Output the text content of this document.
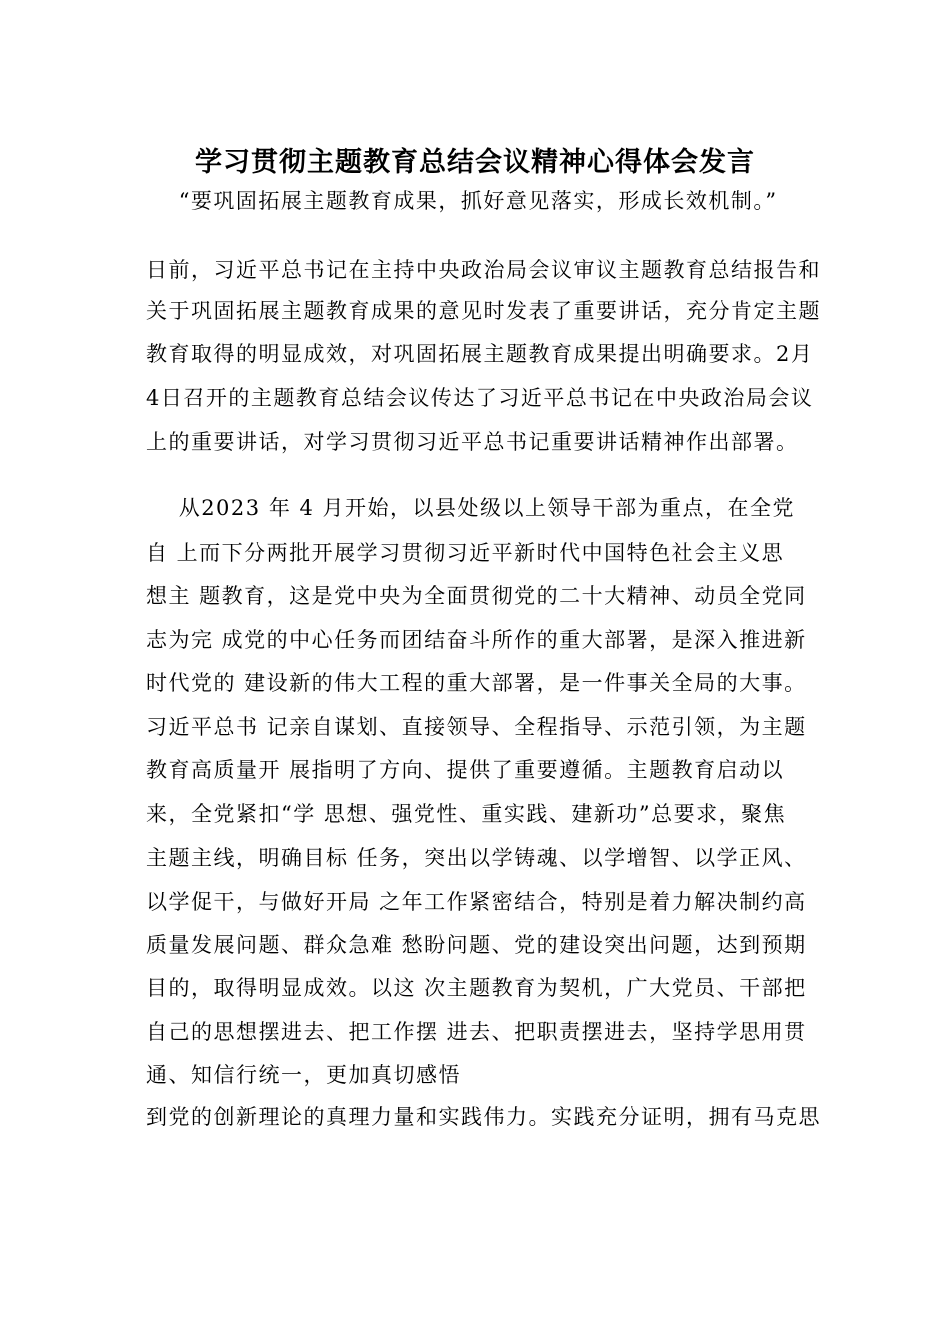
学习贯彻主题教育总结会议精神心得体会发言
“要巩固拓展主题教育成果，抓好意见落实，形成长效机制。”
日前，习近平总书记在主持中央政治局会议审议主题教育总结报告和
关于巩固拓展主题教育成果的意见时发表了重要讲话，充分肯定主题
教育取得的明显成效，对巩固拓展主题教育成果提出明确要求。2月
4日召开的主题教育总结会议传达了习近平总书记在中央政治局会议
上的重要讲话，对学习贯彻习近平总书记重要讲话精神作出部署。
从2023 年 4 月开始，以县处级以上领导干部为重点，在全党
自 上而下分两批开展学习贯彻习近平新时代中国特色社会主义思
想主 题教育，这是党中央为全面贯彻党的二十大精神、动员全党同
志为完 成党的中心任务而团结奋斗所作的重大部署，是深入推进新
时代党的 建设新的伟大工程的重大部署，是一件事关全局的大事。
习近平总书 记亲自谋划、直接领导、全程指导、示范引领，为主题
教育高质量开 展指明了方向、提供了重要遵循。主题教育启动以
来，全党紧扣“学 思想、强党性、重实践、建新功”总要求，聚焦
主题主线，明确目标 任务，突出以学铸魂、以学增智、以学正风、
以学促干，与做好开局 之年工作紧密结合，特别是着力解决制约高
质量发展问题、群众急难 愁盼问题、党的建设突出问题，达到预期
目的，取得明显成效。以这 次主题教育为契机，广大党员、干部把
自己的思想摆进去、把工作摆 进去、把职责摆进去，坚持学思用贯
通、知信行统一，更加真切感悟
到党的创新理论的真理力量和实践伟力。实践充分证明，拥有马克思
